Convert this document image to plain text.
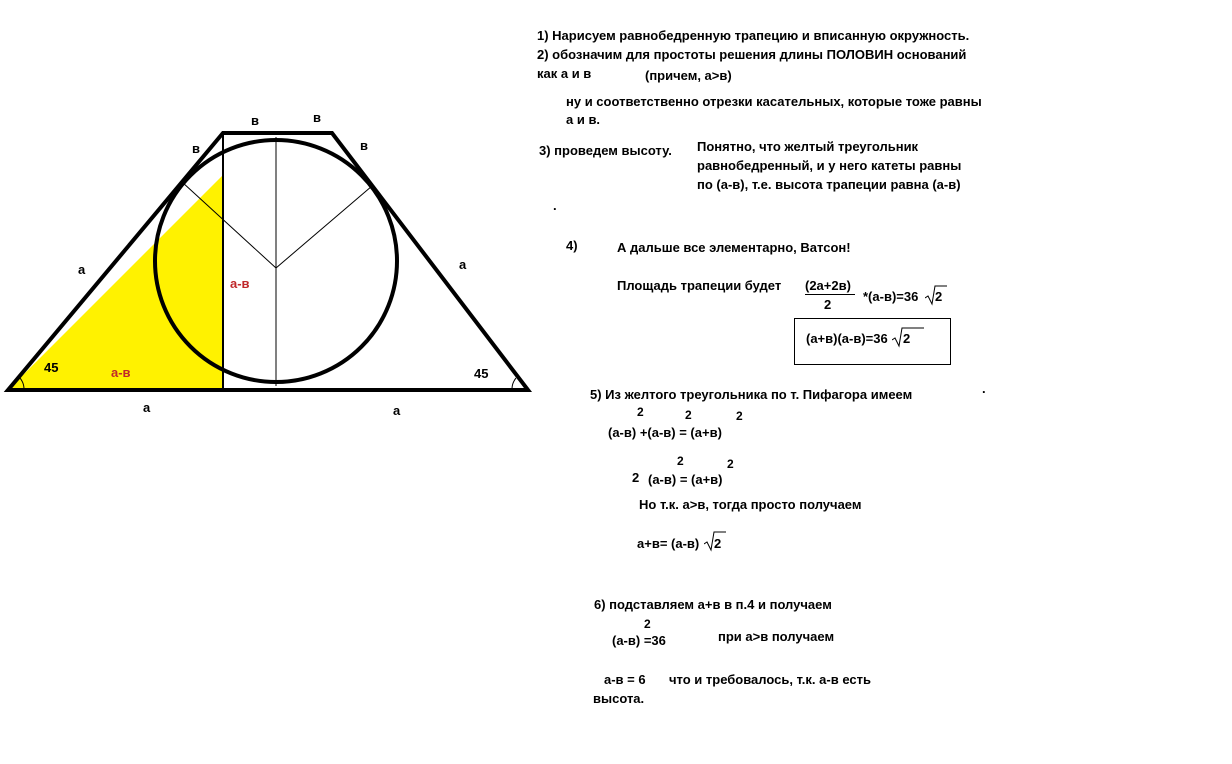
в	в
в	в
а	а
а-в
а-в
45	45
а	а
1) Нарисуем равнобедренную трапецию и вписанную окружность.
2) обозначим для простоты решения длины ПОЛОВИН оснований
как а и в	(причем, а>в)
ну и соответственно отрезки касательных, которые тоже равны
а и в.
3) проведем высоту. Понятно, что желтый треугольник
равнобедренный, и у него катеты равны
по (а-в), т.е. высота трапеции равна (а-в)
.
4)	А дальше все элементарно, Ватсон!
Площадь трапеции будет (2а+2в)
2
*(а-в)=36 2
(а+в)(а-в)=36 2
5) Из желтого треугольника по т. Пифагора имеем	.
2	2	2
(а-в) +(а-в) = (а+в)
2	2
2 (а-в) = (а+в)
Но т.к. а>в, тогда просто получаем
а+в= (а-в) 2
6) подставляем а+в в п.4 и получаем
2
(а-в) =36	при а>в получаем
а-в = 6 что и требовалось, т.к. а-в есть
высота.
